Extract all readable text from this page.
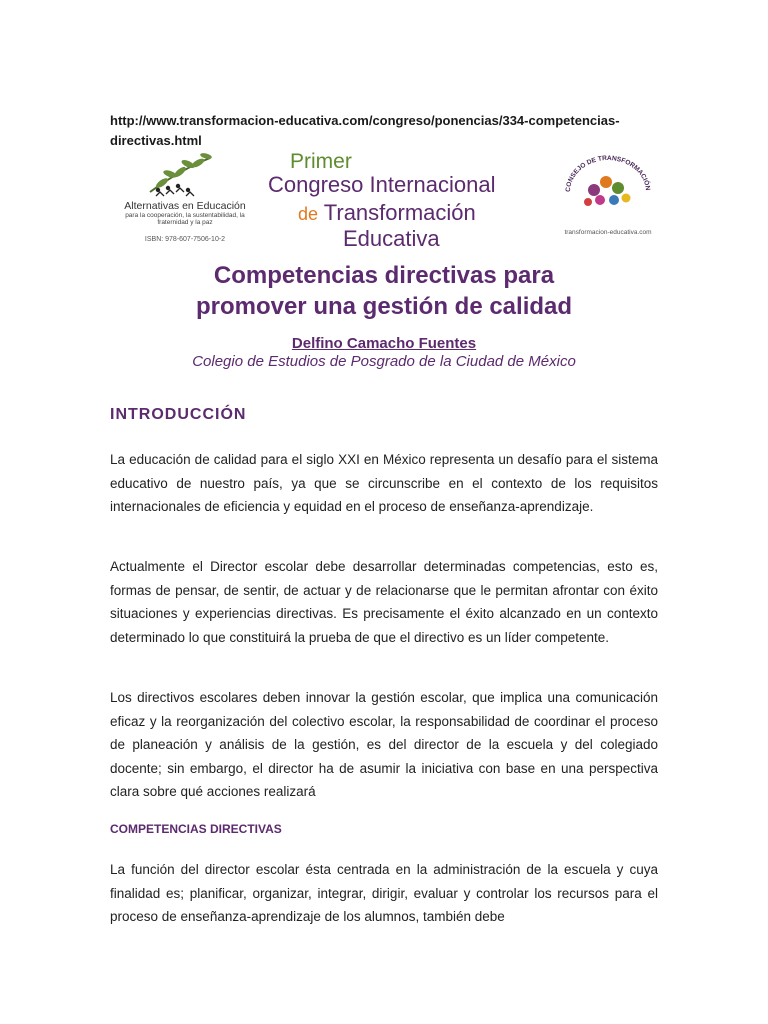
http://www.transformacion-educativa.com/congreso/ponencias/334-competencias-directivas.html
Alternativas en Educación
para la cooperación, la sustentabilidad, la fraternidad y la paz
ISBN: 978-607-7506-10-2
Primer
Congreso Internacional
de Transformación
Educativa
CONSEJO DE TRANSFORMACIÓN
transformacion-educativa.com
Competencias directivas para
promover una gestión de calidad
Delfino Camacho Fuentes
Colegio de Estudios de Posgrado de la Ciudad de México
INTRODUCCIÓN
La educación de calidad para el siglo XXI en México representa un desafío para el sistema educativo de nuestro país, ya que se circunscribe en el contexto de los requisitos internacionales de eficiencia y equidad en el proceso de enseñanza-aprendizaje.
Actualmente el Director escolar debe desarrollar determinadas competencias, esto es, formas de pensar, de sentir, de actuar y de relacionarse que le permitan afrontar con éxito situaciones y experiencias directivas. Es precisamente el éxito alcanzado en un contexto determinado lo que constituirá la prueba de que el directivo es un líder competente.
Los directivos escolares deben innovar la gestión escolar, que implica una comunicación eficaz y la reorganización del colectivo escolar, la responsabilidad de coordinar el proceso de planeación y análisis de la gestión, es del director de la escuela y del colegiado docente; sin embargo, el director ha de asumir la iniciativa con base en una perspectiva clara sobre qué acciones realizará
COMPETENCIAS DIRECTIVAS
La función del director escolar ésta centrada en la administración de la escuela y cuya finalidad es; planificar, organizar, integrar, dirigir, evaluar y controlar los recursos para el proceso de enseñanza-aprendizaje de los alumnos, también debe
